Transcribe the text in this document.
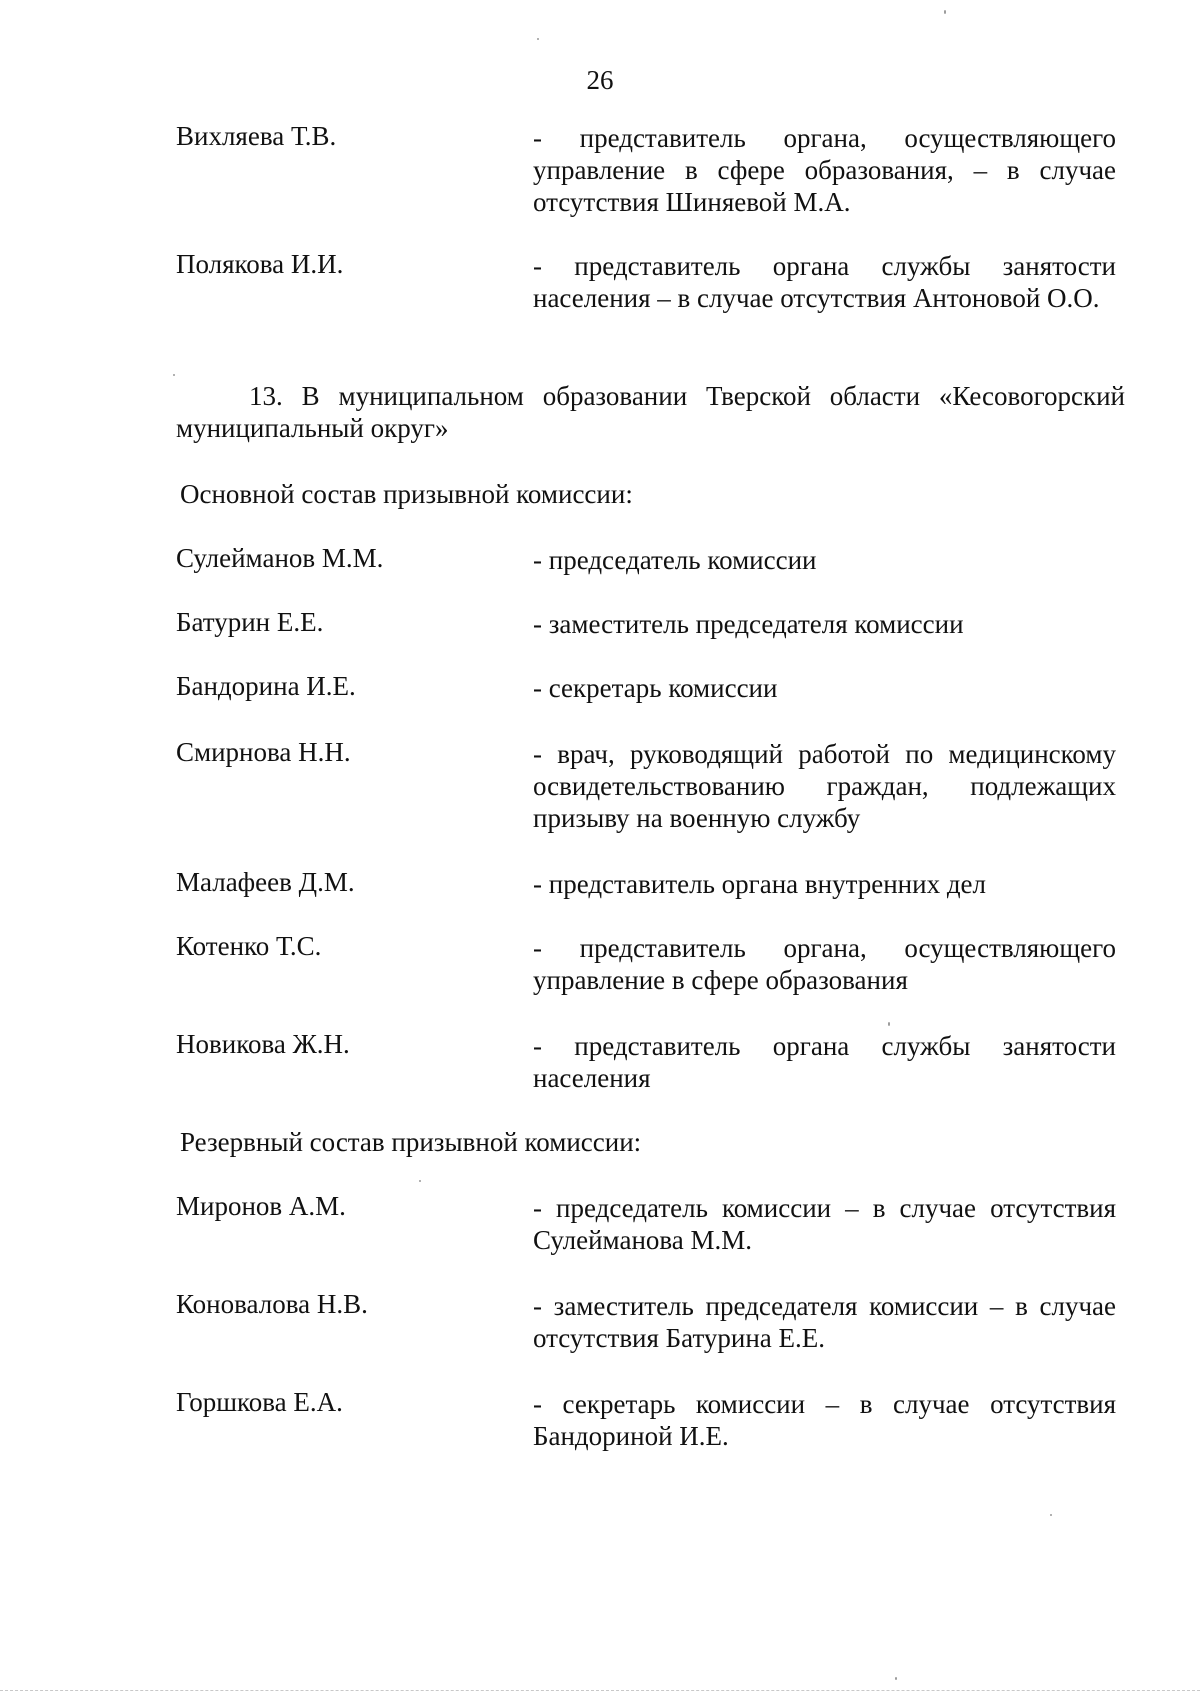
26
Вихляева Т.В.	- представитель органа, осуществляющего управление в сфере образования, – в случае отсутствия Шиняевой М.А.
Полякова И.И.	- представитель органа службы занятости населения – в случае отсутствия Антоновой О.О.
13. В муниципальном образовании Тверской области «Кесовогорский муниципальный округ»
Основной состав призывной комиссии:
Сулейманов М.М.	- председатель комиссии
Батурин Е.Е.	- заместитель председателя комиссии
Бандорина И.Е.	- секретарь комиссии
Смирнова Н.Н.	- врач, руководящий работой по медицинскому освидетельствованию граждан, подлежащих призыву на военную службу
Малафеев Д.М.	- представитель органа внутренних дел
Котенко Т.С.	- представитель органа, осуществляющего управление в сфере образования
Новикова Ж.Н.	- представитель органа службы занятости населения
Резервный состав призывной комиссии:
Миронов А.М.	- председатель комиссии – в случае отсутствия Сулейманова М.М.
Коновалова Н.В.	- заместитель председателя комиссии – в случае отсутствия Батурина Е.Е.
Горшкова Е.А.	- секретарь комиссии – в случае отсутствия Бандориной И.Е.
